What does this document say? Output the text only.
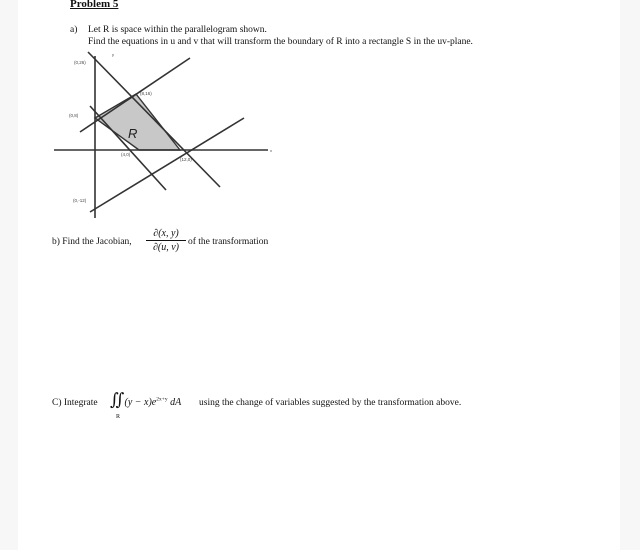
Problem 5
a) Let R is space within the parallelogram shown.
Find the equations in u and v that will transform the boundary of R into a rectangle S in the uv-plane.
R
x
y
(0,26)
(8,16)
(0,8)
(4,0)
(12,0)
(0,-12)
b) Find the Jacobian,
∂(x, y)
∂(u, v) of the transformation
C) Integrate ∬(y − $x)e^{2x+y}$ dA
R
using the change of variables suggested by the transformation above.
